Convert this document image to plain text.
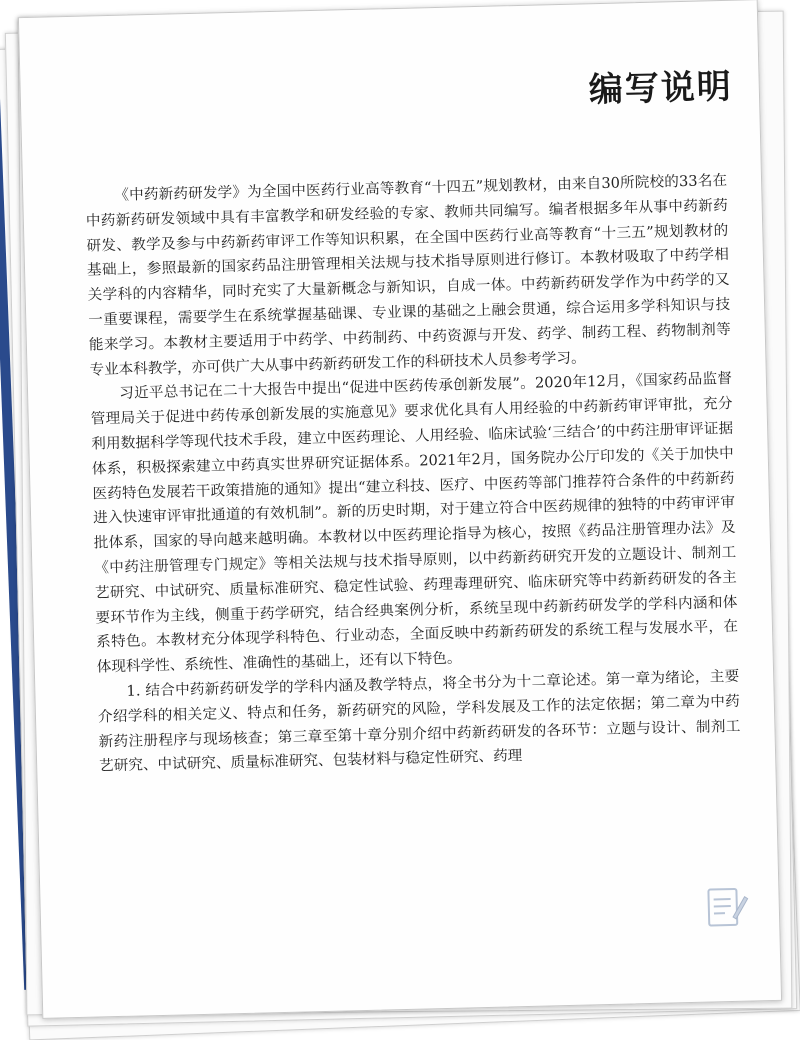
编写说明

《中药新药研发学》为全国中医药行业高等教育“十四五”规划教材，由来自30所院校的33名在中药新药研发领域中具有丰富教学和研发经验的专家、教师共同编写。编者根据多年从事中药新药研发、教学及参与中药新药审评工作等知识积累，在全国中医药行业高等教育“十三五”规划教材的基础上，参照最新的国家药品注册管理相关法规与技术指导原则进行修订。本教材吸取了中药学相关学科的内容精华，同时充实了大量新概念与新知识，自成一体。中药新药研发学作为中药学的又一重要课程，需要学生在系统掌握基础课、专业课的基础之上融会贯通，综合运用多学科知识与技能来学习。本教材主要适用于中药学、中药制药、中药资源与开发、药学、制药工程、药物制剂等专业本科教学，亦可供广大从事中药新药研发工作的科研技术人员参考学习。

习近平总书记在二十大报告中提出“促进中医药传承创新发展”。2020年12月，《国家药品监督管理局关于促进中药传承创新发展的实施意见》要求优化具有人用经验的中药新药审评审批，充分利用数据科学等现代技术手段，建立中医药理论、人用经验、临床试验‘三结合’的中药注册审评证据体系，积极探索建立中药真实世界研究证据体系。2021年2月，国务院办公厅印发的《关于加快中医药特色发展若干政策措施的通知》提出“建立科技、医疗、中医药等部门推荐符合条件的中药新药进入快速审评审批通道的有效机制”。新的历史时期，对于建立符合中医药规律的独特的中药审评审批体系，国家的导向越来越明确。本教材以中医药理论指导为核心，按照《药品注册管理办法》及《中药注册管理专门规定》等相关法规与技术指导原则，以中药新药研究开发的立题设计、制剂工艺研究、中试研究、质量标准研究、稳定性试验、药理毒理研究、临床研究等中药新药研发的各主要环节作为主线，侧重于药学研究，结合经典案例分析，系统呈现中药新药研发学的学科内涵和体系特色。本教材充分体现学科特色、行业动态，全面反映中药新药研发的系统工程与发展水平，在体现科学性、系统性、准确性的基础上，还有以下特色。

1. 结合中药新药研发学的学科内涵及教学特点，将全书分为十二章论述。第一章为绪论，主要介绍学科的相关定义、特点和任务，新药研究的风险，学科发展及工作的法定依据；第二章为中药新药注册程序与现场核查；第三章至第十章分别介绍中药新药研发的各环节：立题与设计、制剂工艺研究、中试研究、质量标准研究、包装材料与稳定性研究、药理
